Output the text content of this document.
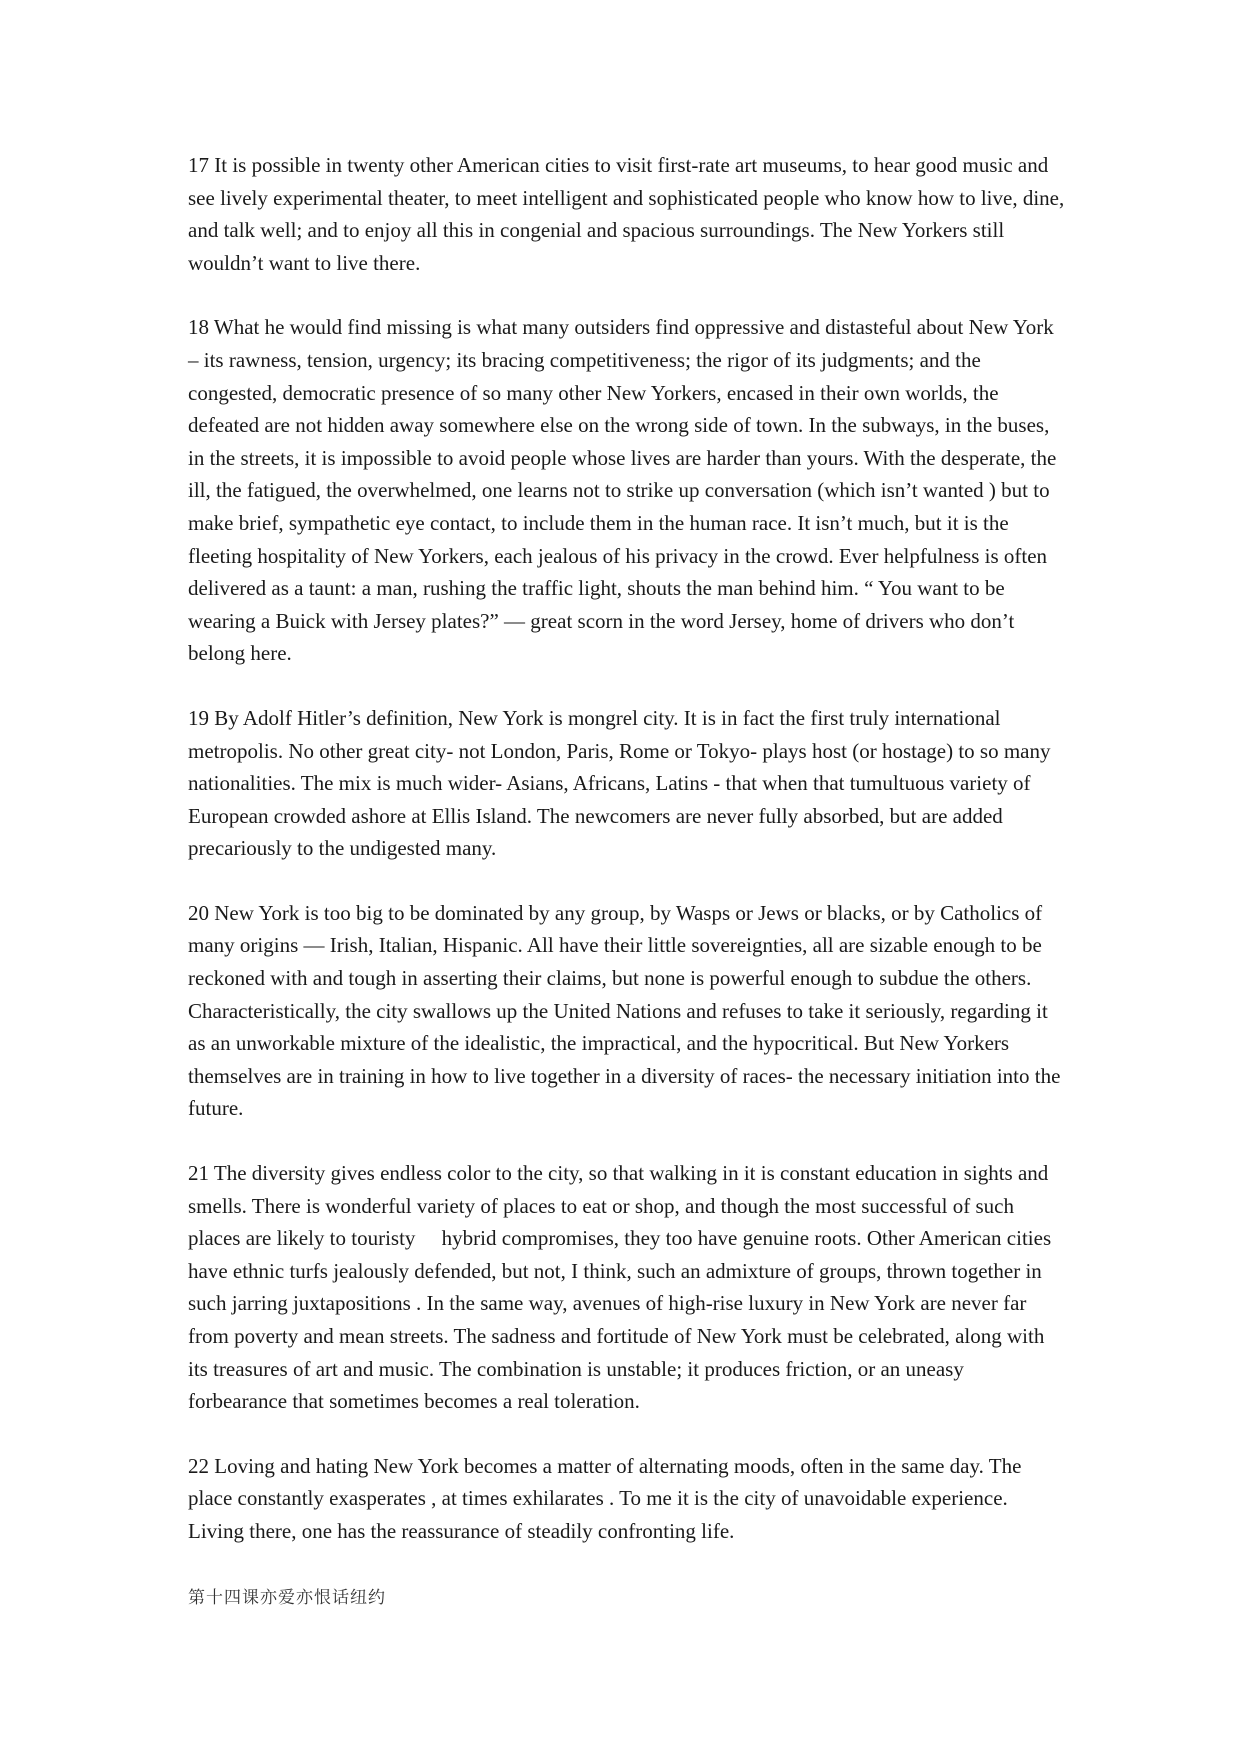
17 It is possible in twenty other American cities to visit first-rate art museums, to hear good music and see lively experimental theater, to meet intelligent and sophisticated people who know how to live, dine, and talk well; and to enjoy all this in congenial and spacious surroundings. The New Yorkers still wouldn’t want to live there.

18 What he would find missing is what many outsiders find oppressive and distasteful about New York – its rawness, tension, urgency; its bracing competitiveness; the rigor of its judgments; and the congested, democratic presence of so many other New Yorkers, encased in their own worlds, the defeated are not hidden away somewhere else on the wrong side of town. In the subways, in the buses, in the streets, it is impossible to avoid people whose lives are harder than yours. With the desperate, the ill, the fatigued, the overwhelmed, one learns not to strike up conversation (which isn’t wanted ) but to make brief, sympathetic eye contact, to include them in the human race. It isn’t much, but it is the fleeting hospitality of New Yorkers, each jealous of his privacy in the crowd. Ever helpfulness is often delivered as a taunt: a man, rushing the traffic light, shouts the man behind him. “ You want to be wearing a Buick with Jersey plates?” — great scorn in the word Jersey, home of drivers who don’t belong here.

19 By Adolf Hitler’s definition, New York is mongrel city. It is in fact the first truly international metropolis. No other great city- not London, Paris, Rome or Tokyo- plays host (or hostage) to so many nationalities. The mix is much wider- Asians, Africans, Latins - that when that tumultuous variety of European crowded ashore at Ellis Island. The newcomers are never fully absorbed, but are added precariously to the undigested many.

20 New York is too big to be dominated by any group, by Wasps or Jews or blacks, or by Catholics of many origins — Irish, Italian, Hispanic. All have their little sovereignties, all are sizable enough to be reckoned with and tough in asserting their claims, but none is powerful enough to subdue the others. Characteristically, the city swallows up the United Nations and refuses to take it seriously, regarding it as an unworkable mixture of the idealistic, the impractical, and the hypocritical. But New Yorkers themselves are in training in how to live together in a diversity of races- the necessary initiation into the future.

21 The diversity gives endless color to the city, so that walking in it is constant education in sights and smells. There is wonderful variety of places to eat or shop, and though the most successful of such places are likely to touristy     hybrid compromises, they too have genuine roots. Other American cities have ethnic turfs jealously defended, but not, I think, such an admixture of groups, thrown together in such jarring juxtapositions . In the same way, avenues of high-rise luxury in New York are never far from poverty and mean streets. The sadness and fortitude of New York must be celebrated, along with its treasures of art and music. The combination is unstable; it produces friction, or an uneasy forbearance that sometimes becomes a real toleration.

22 Loving and hating New York becomes a matter of alternating moods, often in the same day. The place constantly exasperates , at times exhilarates . To me it is the city of unavoidable experience. Living there, one has the reassurance of steadily confronting life.

第十四课亦爱亦恨话纽约
